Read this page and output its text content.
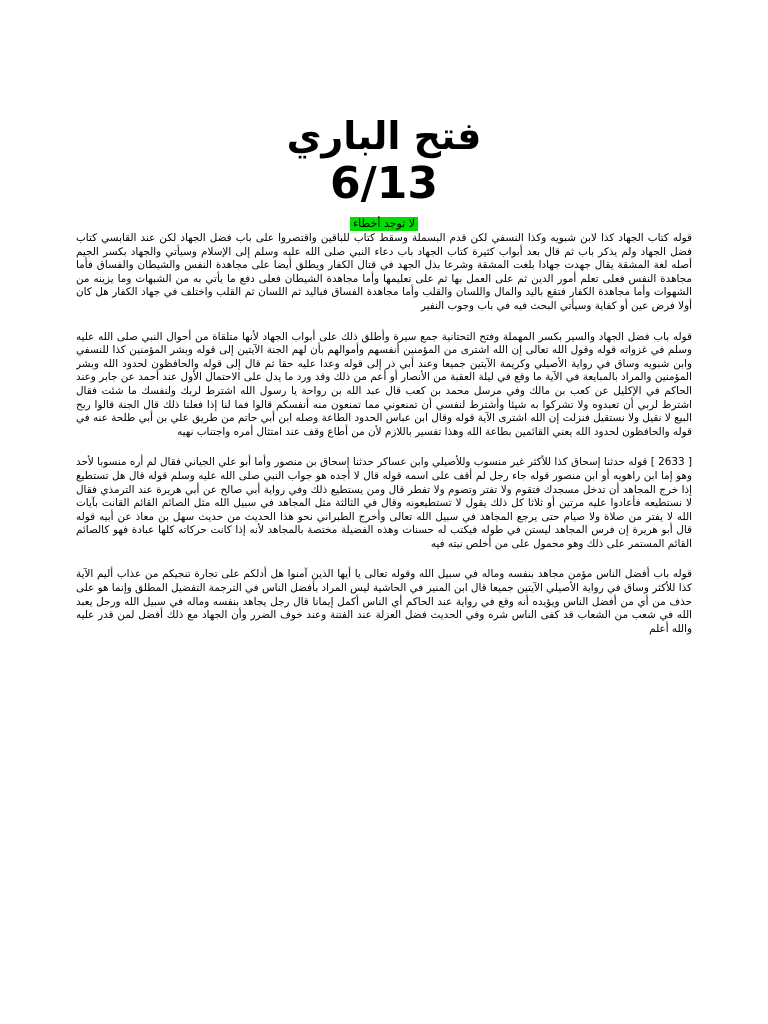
فتح الباري
6/13
لا توجد أخطاء

قوله كتاب الجهاد كذا لابن شبويه وكذا النسفي لكن قدم البسملة وسقط كتاب للباقين واقتصروا على باب فضل الجهاد لكن عند القابسي كتاب فضل الجهاد ولم يذكر باب ثم قال بعد أبواب كثيرة كتاب الجهاد باب دعاء النبي صلى الله عليه وسلم إلى الإسلام وسيأتي والجهاد بكسر الجيم أصله لغة المشقة يقال جهدت جهادا بلغت المشقة وشرعا بذل الجهد في قتال الكفار ويطلق أيضا على مجاهدة النفس والشيطان والفساق فأما مجاهدة النفس فعلى تعلم أمور الدين ثم على العمل بها ثم على تعليمها وأما مجاهدة الشيطان فعلى دفع ما يأتي به من الشبهات وما يزينه من الشهوات وأما مجاهدة الكفار فتقع باليد والمال واللسان والقلب وأما مجاهدة الفساق فباليد ثم اللسان ثم القلب واختلف في جهاد الكفار هل كان أولا فرض عين أو كفاية وسيأتي البحث فيه في باب وجوب النفير

قوله باب فضل الجهاد والسير بكسر المهملة وفتح التحتانية جمع سيرة وأطلق ذلك على أبواب الجهاد لأنها متلقاة من أحوال النبي صلى الله عليه وسلم في غزواته قوله وقول الله تعالى إن الله اشترى من المؤمنين أنفسهم وأموالهم بأن لهم الجنة الآيتين إلى قوله وبشر المؤمنين كذا للنسفي وابن شبويه وساق في رواية الأصيلي وكريمة الآيتين جميعا وعند أبي ذر إلى قوله وعدا عليه حقا ثم قال إلى قوله والحافظون لحدود الله وبشر المؤمنين والمراد بالمبايعة في الآية ما وقع في ليلة العقبة من الأنصار أو أعم من ذلك وقد ورد ما يدل على الاحتمال الأول عند أحمد عن جابر وعند الحاكم في الإكليل عن كعب بن مالك وفي مرسل محمد بن كعب قال عبد الله بن رواحة يا رسول الله اشترط لربك ولنفسك ما شئت فقال اشترط لربي أن تعبدوه ولا تشركوا به شيئا وأشترط لنفسي أن تمنعوني مما تمنعون منه أنفسكم قالوا فما لنا إذا فعلنا ذلك قال الجنة قالوا ربح البيع لا نقيل ولا نستقيل فنزلت إن الله اشترى الآية قوله وقال ابن عباس الحدود الطاعة وصله ابن أبي حاتم من طريق علي بن أبي طلحة عنه في قوله والحافظون لحدود الله يعني القائمين بطاعة الله وهذا تفسير باللازم لأن من أطاع وقف عند امتثال أمره واجتناب نهيه

[ 2633 ] قوله حدثنا إسحاق كذا للأكثر غير منسوب وللأصيلي وابن عساكر حدثنا إسحاق بن منصور وأما أبو علي الجياني فقال لم أره منسوبا لأحد وهو إما ابن راهويه أو ابن منصور قوله جاء رجل لم أقف على اسمه قوله قال لا أجده هو جواب النبي صلى الله عليه وسلم قوله قال هل تستطيع إذا خرج المجاهد أن تدخل مسجدك فتقوم ولا تفتر وتصوم ولا تفطر قال ومن يستطيع ذلك وفي رواية أبي صالح عن أبي هريرة عند الترمذي فقال لا نستطيعه فأعادوا عليه مرتين أو ثلاثا كل ذلك يقول لا تستطيعونه وقال في الثالثة مثل المجاهد في سبيل الله مثل الصائم القائم القانت بآيات الله لا يفتر من صلاة ولا صيام حتى يرجع المجاهد في سبيل الله تعالى وأخرج الطبراني نحو هذا الحديث من حديث سهل بن معاذ عن أبيه قوله قال أبو هريرة إن فرس المجاهد ليستن في طوله فيكتب له حسنات وهذه الفضيلة مختصة بالمجاهد لأنه إذا كانت حركاته كلها عبادة فهو كالصائم القائم المستمر على ذلك وهو محمول على من أخلص نيته فيه

قوله باب أفضل الناس مؤمن مجاهد بنفسه وماله في سبيل الله وقوله تعالى يا أيها الذين آمنوا هل أدلكم على تجارة تنجيكم من عذاب أليم الآية كذا للأكثر وساق في رواية الأصيلي الآيتين جميعا قال ابن المنير في الحاشية ليس المراد بأفضل الناس في الترجمة التفضيل المطلق وإنما هو على حذف من أي من أفضل الناس ويؤيده أنه وقع في رواية عند الحاكم أي الناس أكمل إيمانا قال رجل يجاهد بنفسه وماله في سبيل الله ورجل يعبد الله في شعب من الشعاب قد كفى الناس شره وفي الحديث فضل العزلة عند الفتنة وعند خوف الضرر وأن الجهاد مع ذلك أفضل لمن قدر عليه والله أعلم
